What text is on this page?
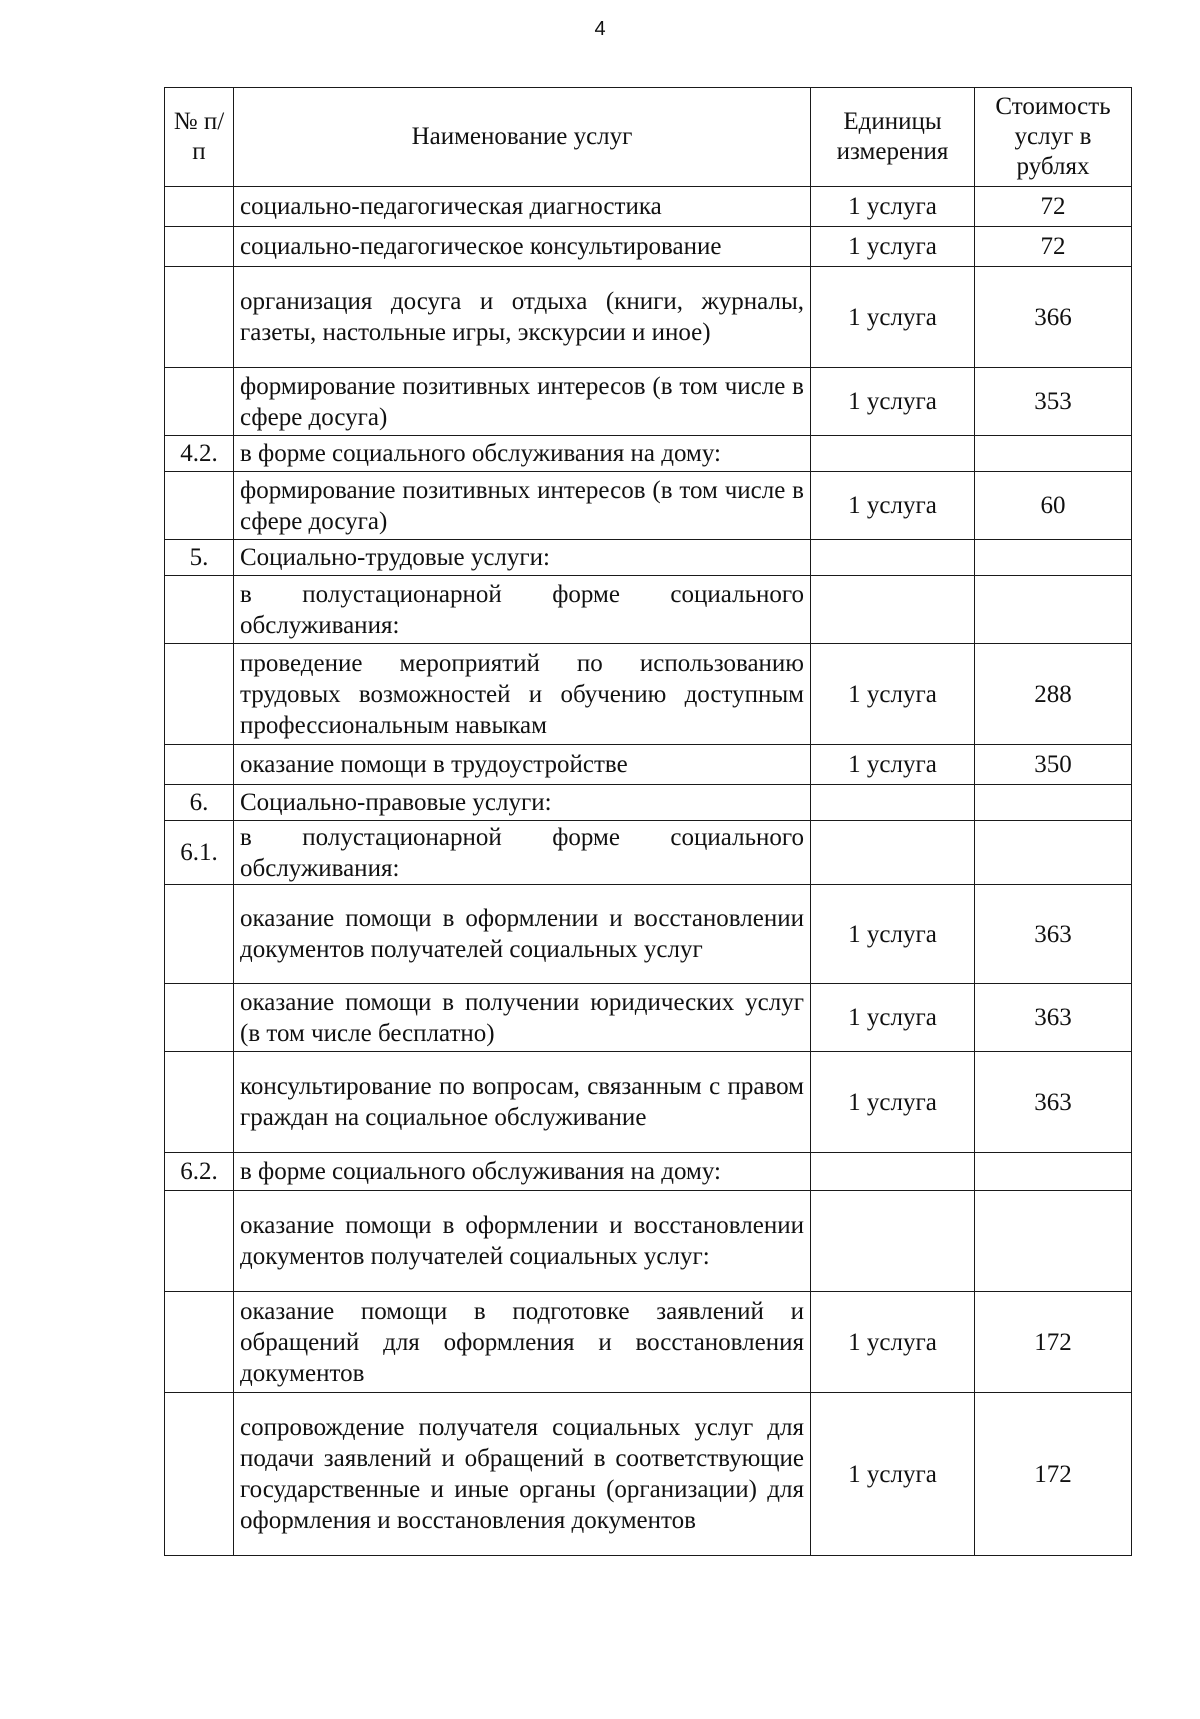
4
№ п/п	Наименование услуг	Единицы измерения	Стоимость услуг в рублях
	социально-педагогическая диагностика	1 услуга	72
	социально-педагогическое консультирование	1 услуга	72
	организация досуга и отдыха (книги, журналы, газеты, настольные игры, экскурсии и иное)	1 услуга	366
	формирование позитивных интересов (в том числе в сфере досуга)	1 услуга	353
4.2.	в форме социального обслуживания на дому:		
	формирование позитивных интересов (в том числе в сфере досуга)	1 услуга	60
5.	Социально-трудовые услуги:		
	в полустационарной форме социального обслуживания:		
	проведение мероприятий по использованию трудовых возможностей и обучению доступным профессиональным навыкам	1 услуга	288
	оказание помощи в трудоустройстве	1 услуга	350
6.	Социально-правовые услуги:		
6.1.	в полустационарной форме социального обслуживания:		
	оказание помощи в оформлении и восстановлении документов получателей социальных услуг	1 услуга	363
	оказание помощи в получении юридических услуг (в том числе бесплатно)	1 услуга	363
	консультирование по вопросам, связанным с правом граждан на социальное обслуживание	1 услуга	363
6.2.	в форме социального обслуживания на дому:		
	оказание помощи в оформлении и восстановлении документов получателей социальных услуг:		
	оказание помощи в подготовке заявлений и обращений для оформления и восстановления документов	1 услуга	172
	сопровождение получателя социальных услуг для подачи заявлений и обращений в соответствующие государственные и иные органы (организации) для оформления и восстановления документов	1 услуга	172
